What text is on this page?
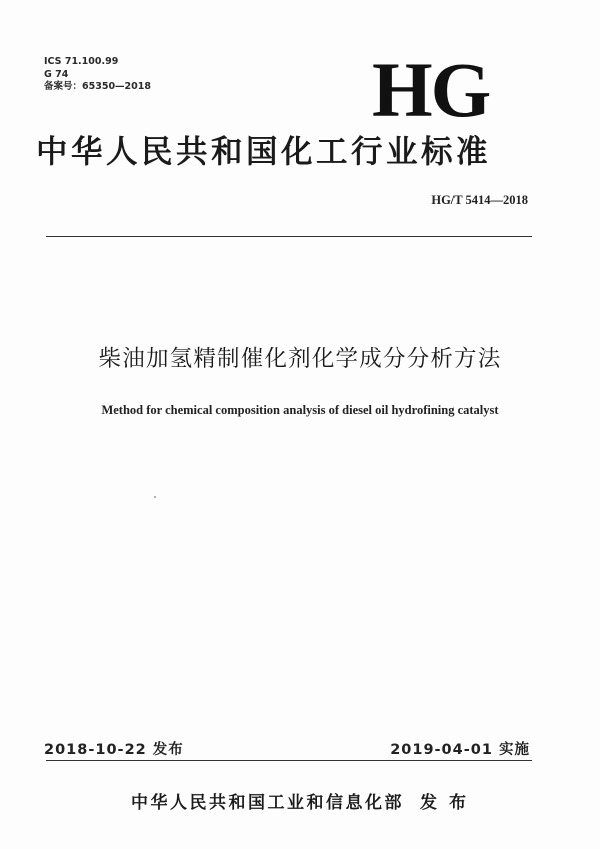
ICS 71.100.99
G 74
备案号：65350—2018	HG
中华人民共和国化工行业标准
HG/T 5414—2018
柴油加氢精制催化剂化学成分分析方法
Method for chemical composition analysis of diesel oil hydrofining catalyst
2018-10-22 发布	2019-04-01 实施
中华人民共和国工业和信息化部 发 布
